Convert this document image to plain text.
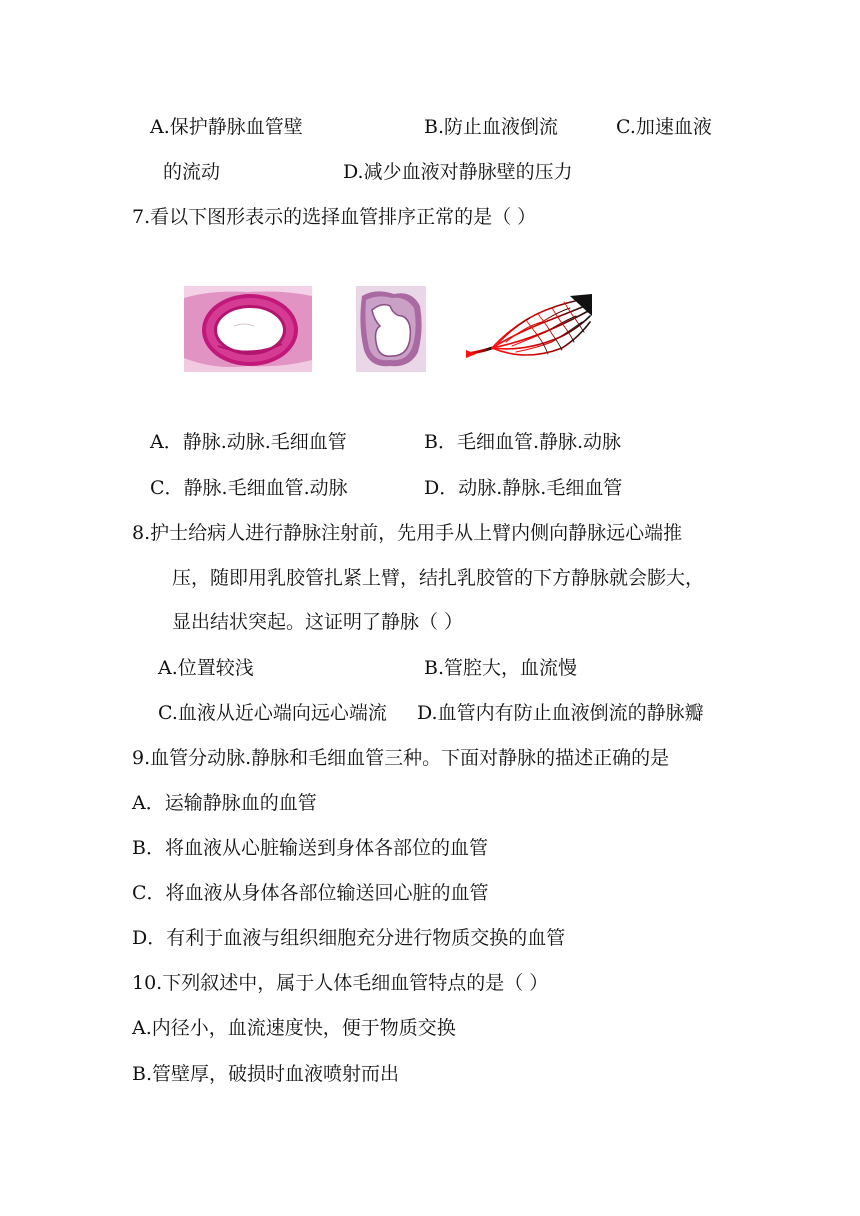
A.保护静脉血管壁	B.防止血液倒流	C.加速血液
的流动	D.减少血液对静脉壁的压力
7.看以下图形表示的选择血管排序正常的是（ ）
A．静脉.动脉.毛细血管	B．毛细血管.静脉.动脉
C．静脉.毛细血管.动脉	D．动脉.静脉.毛细血管
8.护士给病人进行静脉注射前，先用手从上臂内侧向静脉远心端推
压，随即用乳胶管扎紧上臂，结扎乳胶管的下方静脉就会膨大，
显出结状突起。这证明了静脉（ ）
A.位置较浅	B.管腔大，血流慢
C.血液从近心端向远心端流 D.血管内有防止血液倒流的静脉瓣
9.血管分动脉.静脉和毛细血管三种。下面对静脉的描述正确的是
A．运输静脉血的血管
B．将血液从心脏输送到身体各部位的血管
C．将血液从身体各部位输送回心脏的血管
D．有利于血液与组织细胞充分进行物质交换的血管
10.下列叙述中，属于人体毛细血管特点的是（ ）
A.内径小，血流速度快，便于物质交换
B.管壁厚，破损时血液喷射而出
